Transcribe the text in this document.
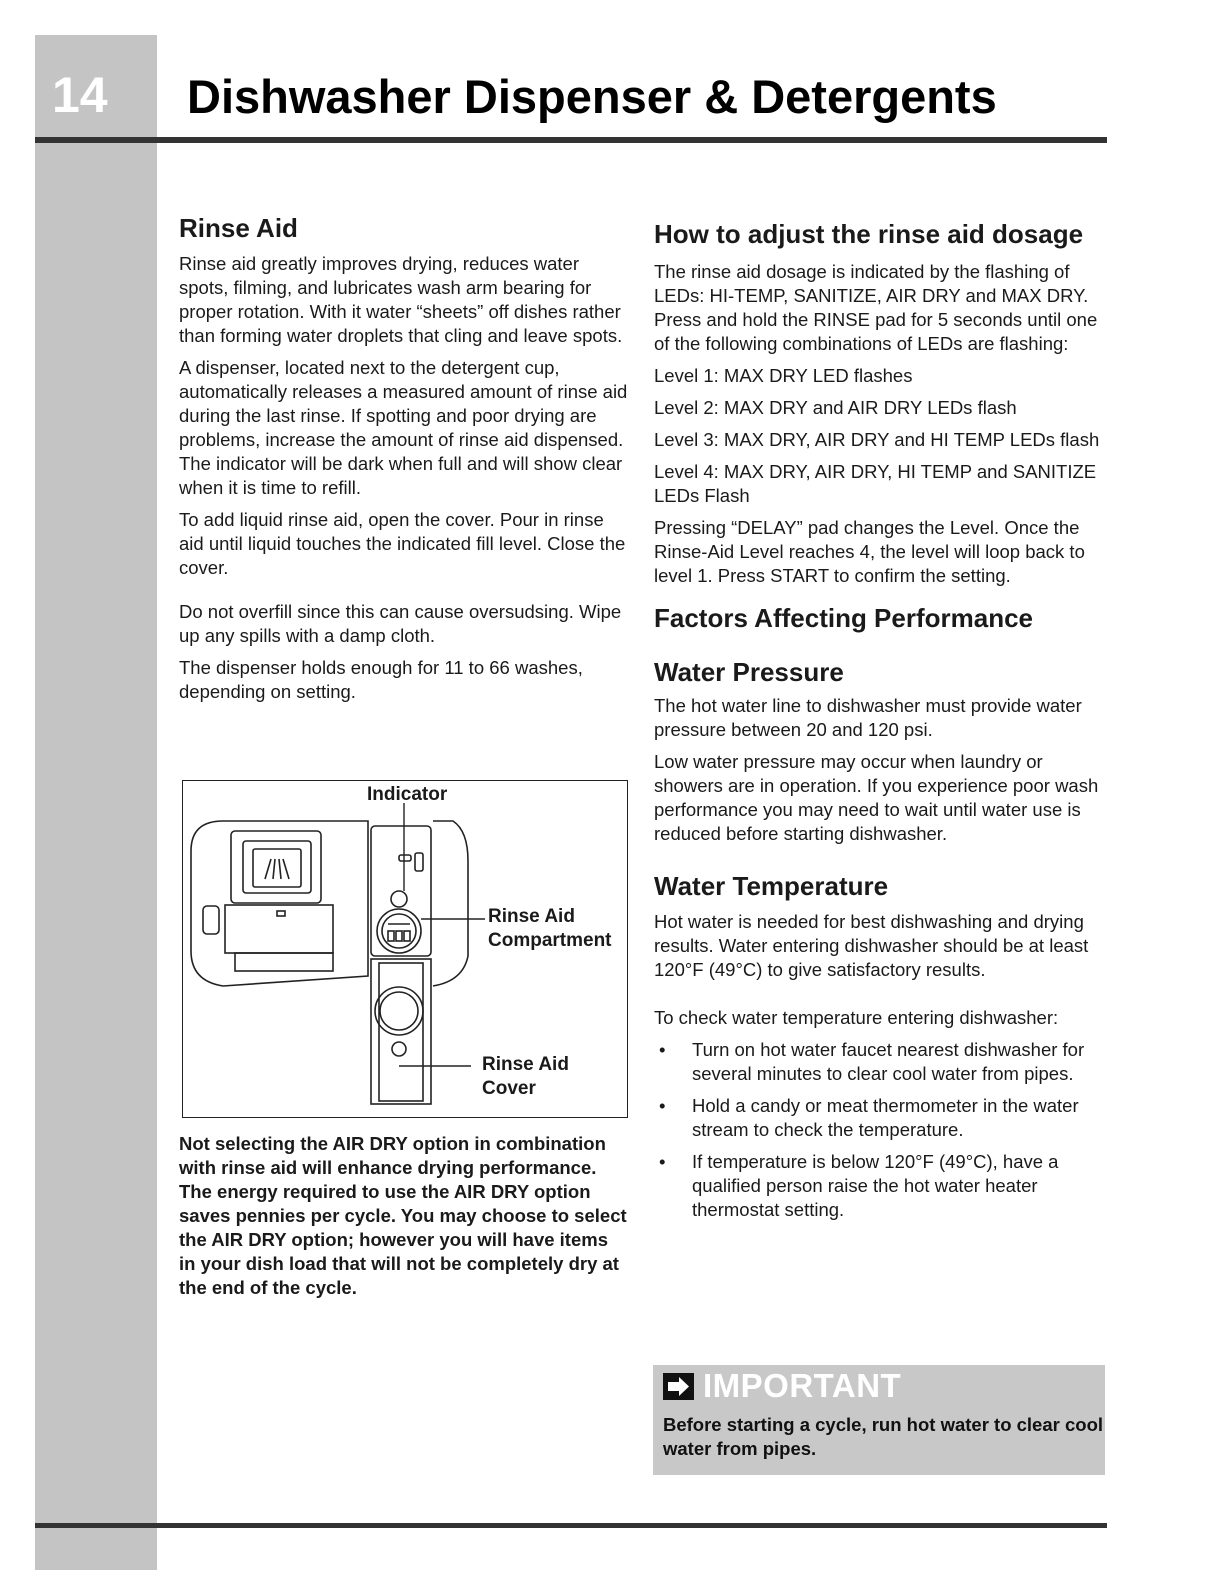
14 Dishwasher Dispenser & Detergents
Rinse Aid

Rinse aid greatly improves drying, reduces water spots, filming, and lubricates wash arm bearing for proper rotation. With it water “sheets” off dishes rather than forming water droplets that cling and leave spots.

A dispenser, located next to the detergent cup, automatically releases a measured amount of rinse aid during the last rinse. If spotting and poor drying are problems, increase the amount of rinse aid dispensed. The indicator will be dark when full and will show clear when it is time to refill.

To add liquid rinse aid, open the cover. Pour in rinse aid until liquid touches the indicated fill level. Close the cover.

Do not overfill since this can cause oversudsing. Wipe up any spills with a damp cloth.

The dispenser holds enough for 11 to 66 washes, depending on setting.

Indicator
Rinse Aid
Compartment
Rinse Aid
Cover
Not selecting the AIR DRY option in combination with rinse aid will enhance drying performance. The energy required to use the AIR DRY option saves pennies per cycle. You may choose to select the AIR DRY option; however you will have items in your dish load that will not be completely dry at the end of the cycle.
How to adjust the rinse aid dosage

The rinse aid dosage is indicated by the flashing of LEDs: HI-TEMP, SANITIZE, AIR DRY and MAX DRY. Press and hold the RINSE pad for 5 seconds until one of the following combinations of LEDs are flashing:

Level 1: MAX DRY LED flashes

Level 2: MAX DRY and AIR DRY LEDs flash

Level 3: MAX DRY, AIR DRY and HI TEMP LEDs flash

Level 4: MAX DRY, AIR DRY, HI TEMP and SANITIZE LEDs Flash

Pressing “DELAY” pad changes the Level. Once the Rinse-Aid Level reaches 4, the level will loop back to level 1. Press START to confirm the setting.

Factors Affecting Performance
Water Pressure

The hot water line to dishwasher must provide water pressure between 20 and 120 psi.

Low water pressure may occur when laundry or showers are in operation. If you experience poor wash performance you may need to wait until water use is reduced before starting dishwasher.

Water Temperature

Hot water is needed for best dishwashing and drying results. Water entering dishwasher should be at least 120°F (49°C) to give satisfactory results.

To check water temperature entering dishwasher:

• Turn on hot water faucet nearest dishwasher for several minutes to clear cool water from pipes.
• Hold a candy or meat thermometer in the water stream to check the temperature.
• If temperature is below 120°F (49°C), have a qualified person raise the hot water heater thermostat setting.
IMPORTANT
Before starting a cycle, run hot water to clear cool water from pipes.
